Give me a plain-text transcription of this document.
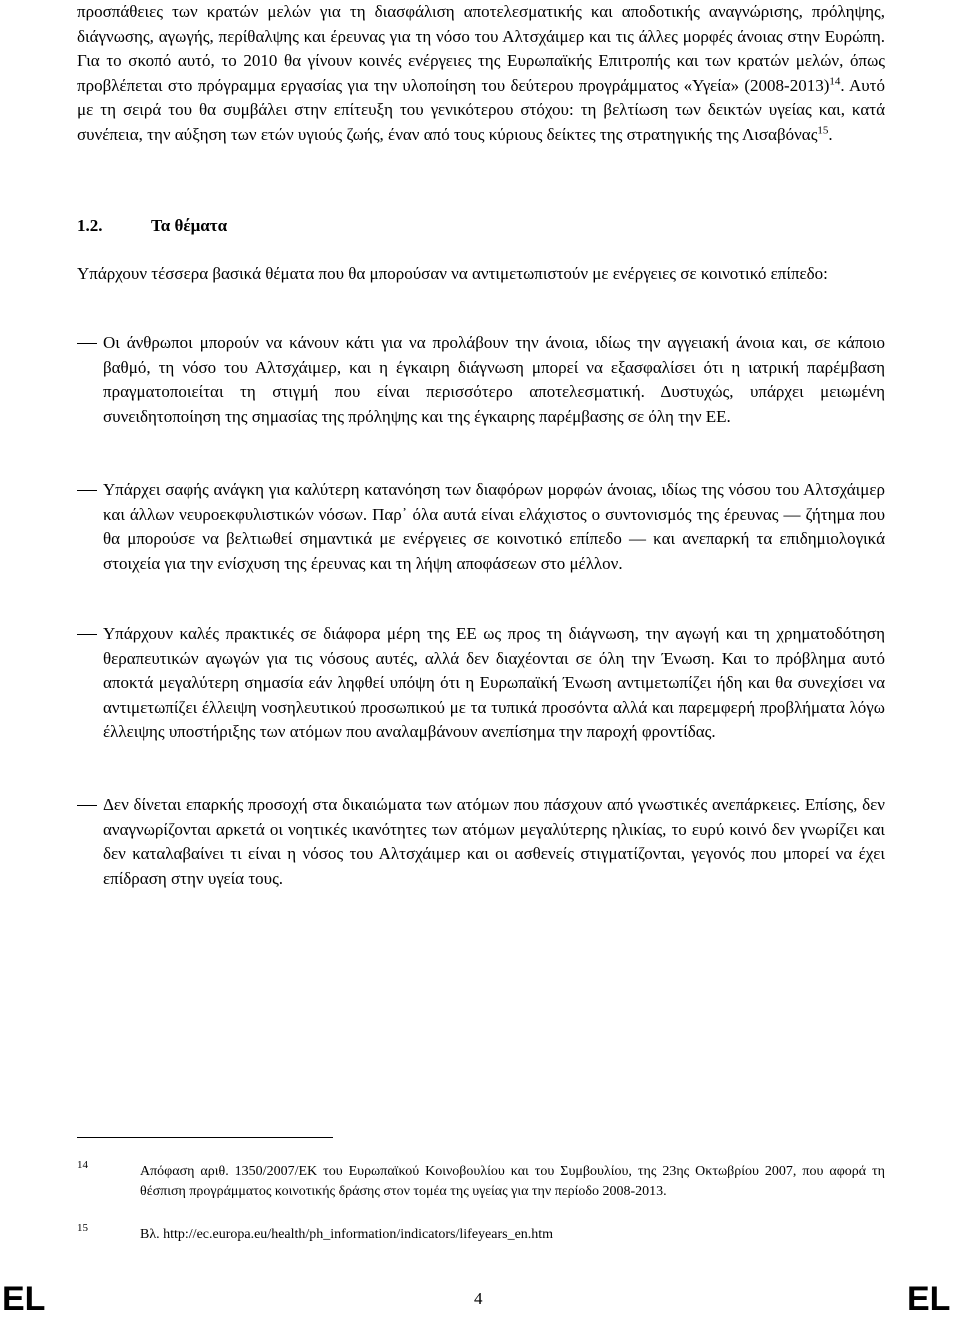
προσπάθειες των κρατών μελών για τη διασφάλιση αποτελεσματικής και αποδοτικής αναγνώρισης, πρόληψης, διάγνωσης, αγωγής, περίθαλψης και έρευνας για τη νόσο του Αλτσχάιμερ και τις άλλες μορφές άνοιας στην Ευρώπη. Για το σκοπό αυτό, το 2010 θα γίνουν κοινές ενέργειες της Ευρωπαϊκής Επιτροπής και των κρατών μελών, όπως προβλέπεται στο πρόγραμμα εργασίας για την υλοποίηση του δεύτερου προγράμματος «Υγεία» (2008-2013)$^{14}$. Αυτό με τη σειρά του θα συμβάλει στην επίτευξη του γενικότερου στόχου: τη βελτίωση των δεικτών υγείας και, κατά συνέπεια, την αύξηση των ετών υγιούς ζωής, έναν από τους κύριους δείκτες της στρατηγικής της Λισαβόνας$^{15}$.

1.2.	Τα θέματα

Υπάρχουν τέσσερα βασικά θέματα που θα μπορούσαν να αντιμετωπιστούν με ενέργειες σε κοινοτικό επίπεδο:

Οι άνθρωποι μπορούν να κάνουν κάτι για να προλάβουν την άνοια, ιδίως την αγγειακή άνοια και, σε κάποιο βαθμό, τη νόσο του Αλτσχάιμερ, και η έγκαιρη διάγνωση μπορεί να εξασφαλίσει ότι η ιατρική παρέμβαση πραγματοποιείται τη στιγμή που είναι περισσότερο αποτελεσματική. Δυστυχώς, υπάρχει μειωμένη συνειδητοποίηση της σημασίας της πρόληψης και της έγκαιρης παρέμβασης σε όλη την ΕΕ.

Υπάρχει σαφής ανάγκη για καλύτερη κατανόηση των διαφόρων μορφών άνοιας, ιδίως της νόσου του Αλτσχάιμερ και άλλων νευροεκφυλιστικών νόσων. Παρ᾽ όλα αυτά είναι ελάχιστος ο συντονισμός της έρευνας — ζήτημα που θα μπορούσε να βελτιωθεί σημαντικά με ενέργειες σε κοινοτικό επίπεδο — και ανεπαρκή τα επιδημιολογικά στοιχεία για την ενίσχυση της έρευνας και τη λήψη αποφάσεων στο μέλλον.

Υπάρχουν καλές πρακτικές σε διάφορα μέρη της ΕΕ ως προς τη διάγνωση, την αγωγή και τη χρηματοδότηση θεραπευτικών αγωγών για τις νόσους αυτές, αλλά δεν διαχέονται σε όλη την Ένωση. Και το πρόβλημα αυτό αποκτά μεγαλύτερη σημασία εάν ληφθεί υπόψη ότι η Ευρωπαϊκή Ένωση αντιμετωπίζει ήδη και θα συνεχίσει να αντιμετωπίζει έλλειψη νοσηλευτικού προσωπικού με τα τυπικά προσόντα αλλά και παρεμφερή προβλήματα λόγω έλλειψης υποστήριξης των ατόμων που αναλαμβάνουν ανεπίσημα την παροχή φροντίδας.

Δεν δίνεται επαρκής προσοχή στα δικαιώματα των ατόμων που πάσχουν από γνωστικές ανεπάρκειες. Επίσης, δεν αναγνωρίζονται αρκετά οι νοητικές ικανότητες των ατόμων μεγαλύτερης ηλικίας, το ευρύ κοινό δεν γνωρίζει και δεν καταλαβαίνει τι είναι η νόσος του Αλτσχάιμερ και οι ασθενείς στιγματίζονται, γεγονός που μπορεί να έχει επίδραση στην υγεία τους.

14	Απόφαση αριθ. 1350/2007/ΕΚ του Ευρωπαϊκού Κοινοβουλίου και του Συμβουλίου, της 23ης Οκτωβρίου 2007, που αφορά τη θέσπιση προγράμματος κοινοτικής δράσης στον τομέα της υγείας για την περίοδο 2008-2013.

15	Βλ. http://ec.europa.eu/health/ph_information/indicators/lifeyears_en.htm

EL	4	EL
